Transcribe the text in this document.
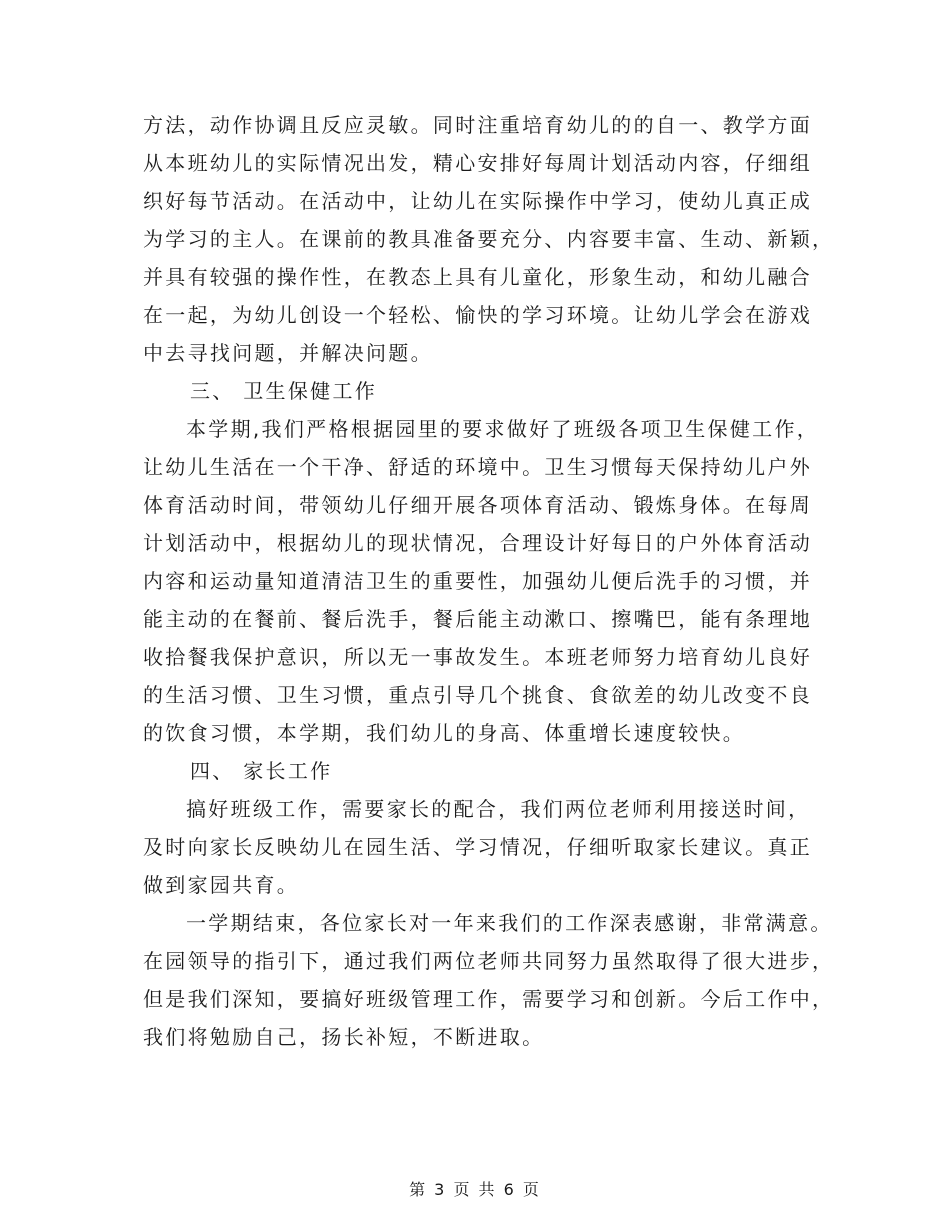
方法，动作协调且反应灵敏。同时注重培育幼儿的的自一、教学方面
从本班幼儿的实际情况出发，精心安排好每周计划活动内容，仔细组
织好每节活动。在活动中，让幼儿在实际操作中学习，使幼儿真正成
为学习的主人。在课前的教具准备要充分、内容要丰富、生动、新颖，
并具有较强的操作性，在教态上具有儿童化，形象生动，和幼儿融合
在一起，为幼儿创设一个轻松、愉快的学习环境。让幼儿学会在游戏
中去寻找问题，并解决问题。
三、 卫生保健工作
本学期,我们严格根据园里的要求做好了班级各项卫生保健工作，
让幼儿生活在一个干净、舒适的环境中。卫生习惯每天保持幼儿户外
体育活动时间，带领幼儿仔细开展各项体育活动、锻炼身体。在每周
计划活动中，根据幼儿的现状情况，合理设计好每日的户外体育活动
内容和运动量知道清洁卫生的重要性，加强幼儿便后洗手的习惯，并
能主动的在餐前、餐后洗手，餐后能主动漱口、擦嘴巴，能有条理地
收拾餐我保护意识，所以无一事故发生。本班老师努力培育幼儿良好
的生活习惯、卫生习惯，重点引导几个挑食、食欲差的幼儿改变不良
的饮食习惯，本学期，我们幼儿的身高、体重增长速度较快。
四、 家长工作
搞好班级工作，需要家长的配合，我们两位老师利用接送时间，
及时向家长反映幼儿在园生活、学习情况，仔细听取家长建议。真正
做到家园共育。
一学期结束，各位家长对一年来我们的工作深表感谢，非常满意。
在园领导的指引下，通过我们两位老师共同努力虽然取得了很大进步，
但是我们深知，要搞好班级管理工作，需要学习和创新。今后工作中，
我们将勉励自己，扬长补短，不断进取。
第 3 页 共 6 页
